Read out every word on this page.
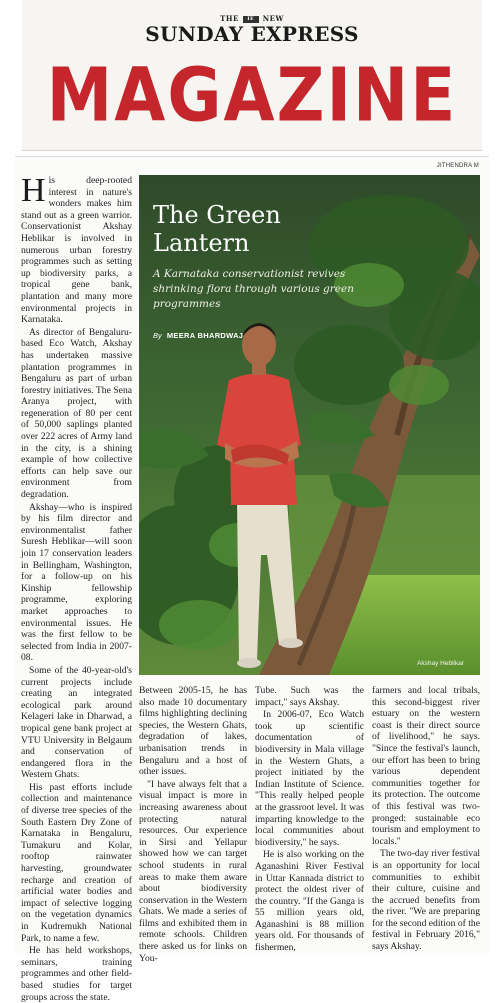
THE IE NEW
SUNDAY EXPRESS
MAGAZINE
JITHENDRA M

His deep-rooted interest in nature's wonders makes him stand out as a green warrior. Conservationist Akshay Heblikar is involved in numerous urban forestry programmes such as setting up biodiversity parks, a tropical gene bank, plantation and many more environmental projects in Karnataka.

As director of Bengaluru-based Eco Watch, Akshay has undertaken massive plantation programmes in Bengaluru as part of urban forestry initiatives. The Sena Aranya project, with regeneration of 80 per cent of 50,000 saplings planted over 222 acres of Army land in the city, is a shining example of how collective efforts can help save our environment from degradation.

Akshay—who is inspired by his film director and environmentalist father Suresh Heblikar—will soon join 17 conservation leaders in Bellingham, Washington, for a follow-up on his Kinship fellowship programme, exploring market approaches to environmental issues. He was the first fellow to be selected from India in 2007-08.

Some of the 40-year-old's current projects include creating an integrated ecological park around Kelageri lake in Dharwad, a tropical gene bank project at VTU University in Belgaum and conservation of endangered flora in the Western Ghats.

His past efforts include collection and maintenance of diverse tree species of the South Eastern Dry Zone of Karnataka in Bengaluru, Tumakuru and Kolar, rooftop rainwater harvesting, groundwater recharge and creation of artificial water bodies and impact of selective logging on the vegetation dynamics in Kudremukh National Park, to name a few.

He has held workshops, seminars, training programmes and other field-based studies for target groups across the state.

The Green
Lantern
A Karnataka conservationist revives shrinking flora through various green programmes
By MEERA BHARDWAJ
Akshay Heblikar

Between 2005-15, he has also made 10 documentary films highlighting declining species, the Western Ghats, degradation of lakes, urbanisation trends in Bengaluru and a host of other issues.

"I have always felt that a visual impact is more in increasing awareness about protecting natural resources. Our experience in Sirsi and Yellapur showed how we can target school students in rural areas to make them aware about biodiversity conservation in the Western Ghats. We made a series of films and exhibited them in remote schools. Children there asked us for links on You-

Tube. Such was the impact," says Akshay.

In 2006-07, Eco Watch took up scientific documentation of biodiversity in Mala village in the Western Ghats, a project initiated by the Indian Institute of Science. "This really helped people at the grassroot level. It was imparting knowledge to the local communities about biodiversity," he says.

He is also working on the Aganashini River Festival in Uttar Kannada district to protect the oldest river of the country. "If the Ganga is 55 million years old, Aganashini is 88 million years old. For thousands of fishermen,

farmers and local tribals, this second-biggest river estuary on the western coast is their direct source of livelihood," he says. "Since the festival's launch, our effort has been to bring various dependent communities together for its protection. The outcome of this festival was two-pronged: sustainable eco tourism and employment to locals."

The two-day river festival is an opportunity for local communities to exhibit their culture, cuisine and the accrued benefits from the river. "We are preparing for the second edition of the festival in February 2016," says Akshay.
